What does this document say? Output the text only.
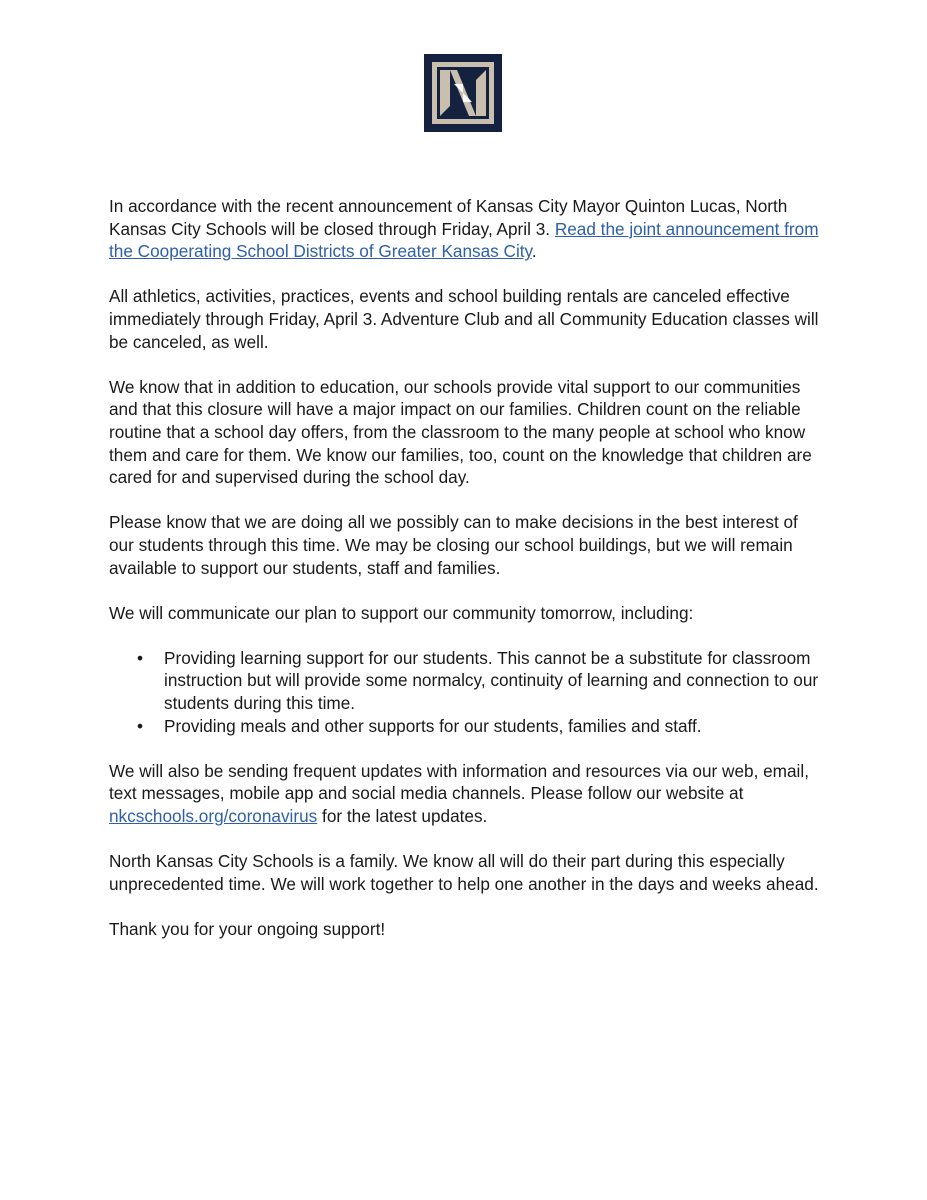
In accordance with the recent announcement of Kansas City Mayor Quinton Lucas, North Kansas City Schools will be closed through Friday, April 3. Read the joint announcement from the Cooperating School Districts of Greater Kansas City.

All athletics, activities, practices, events and school building rentals are canceled effective immediately through Friday, April 3. Adventure Club and all Community Education classes will be canceled, as well.

We know that in addition to education, our schools provide vital support to our communities and that this closure will have a major impact on our families. Children count on the reliable routine that a school day offers, from the classroom to the many people at school who know them and care for them. We know our families, too, count on the knowledge that children are cared for and supervised during the school day.

Please know that we are doing all we possibly can to make decisions in the best interest of our students through this time. We may be closing our school buildings, but we will remain available to support our students, staff and families.

We will communicate our plan to support our community tomorrow, including:

• Providing learning support for our students. This cannot be a substitute for classroom instruction but will provide some normalcy, continuity of learning and connection to our students during this time.
• Providing meals and other supports for our students, families and staff.

We will also be sending frequent updates with information and resources via our web, email, text messages, mobile app and social media channels. Please follow our website at nkcschools.org/coronavirus for the latest updates.

North Kansas City Schools is a family. We know all will do their part during this especially unprecedented time. We will work together to help one another in the days and weeks ahead.

Thank you for your ongoing support!
